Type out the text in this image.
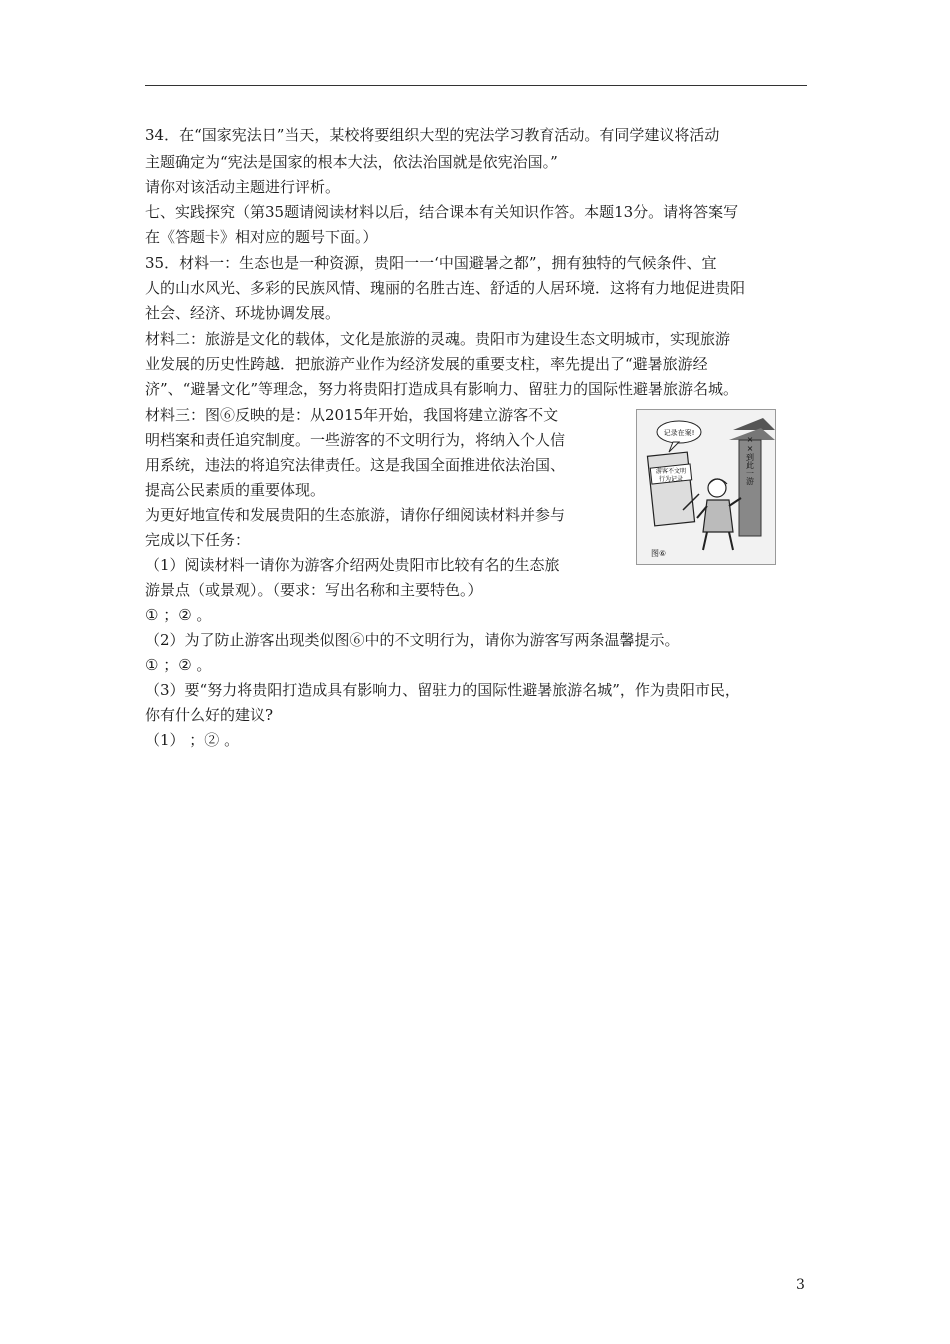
34．在“国家宪法日”当天，某校将要组织大型的宪法学习教育活动。有同学建议将活动
主题确定为“宪法是国家的根本大法，依法治国就是依宪治国。”
请你对该活动主题进行评析。
七、实践探究（第35题请阅读材料以后，结合课本有关知识作答。本题13分。请将答案写
在《答题卡》相对应的题号下面。）
35．材料一：生态也是一种资源，贵阳一一‘中国避暑之都”，拥有独特的气候条件、宜
人的山水风光、多彩的民族风情、瑰丽的名胜古连、舒适的人居环境．这将有力地促进贵阳
社会、经济、环垅协调发展。
材料二：旅游是文化的载体，文化是旅游的灵魂。贵阳市为建设生态文明城市，实现旅游
业发展的历史性跨越．把旅游产业作为经济发展的重要支柱，率先提出了“避暑旅游经
济”、“避暑文化”等理念，努力将贵阳打造成具有影响力、留驻力的国际性避暑旅游名城。
材料三：图⑥反映的是：从2015年开始，我国将建立游客不文
明档案和责任追究制度。一些游客的不文明行为，将纳入个人信
用系统，违法的将追究法律责任。这是我国全面推进依法治国、
提高公民素质的重要体现。
为更好地宣传和发展贵阳的生态旅游，请你仔细阅读材料并参与
完成以下任务：
（1）阅读材料一请你为游客介绍两处贵阳市比较有名的生态旅
游景点（或景观）。（要求：写出名称和主要特色。）
① ；② 。
（2）为了防止游客出现类似图⑥中的不文明行为，请你为游客写两条温馨提示。
① ；② 。
（3）要“努力将贵阳打造成具有影响力、留驻力的国际性避暑旅游名城”，作为贵阳市民，
你有什么好的建议?
（1） ；② 。
记录在案!
××到此一游
游客不文明
行为记录
图⑥
3
